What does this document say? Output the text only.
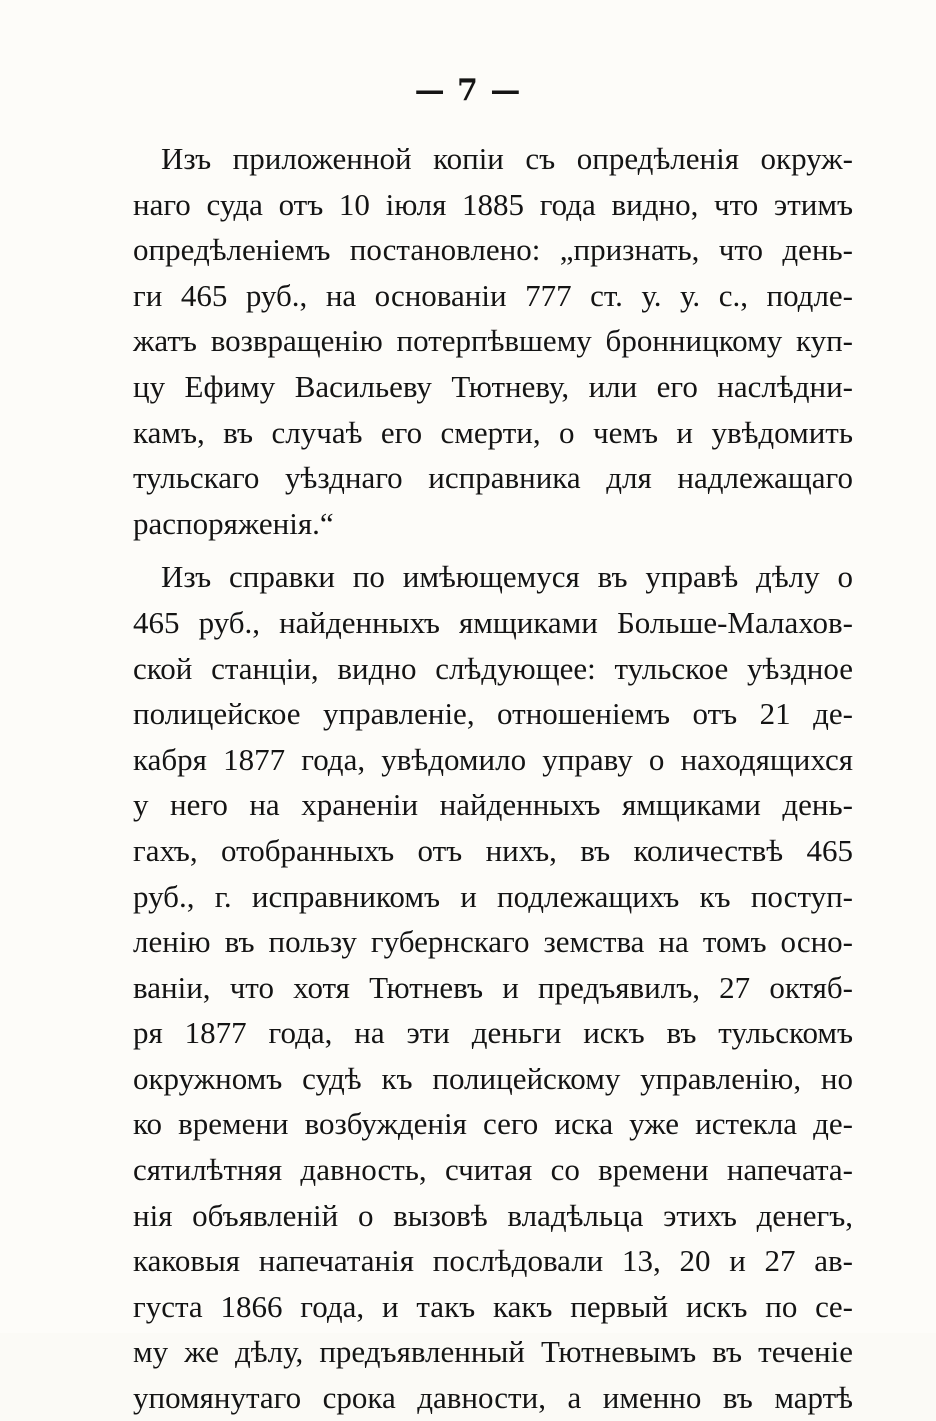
— 7 —
Изъ приложенной копіи съ опредѣленія окруж-
наго суда отъ 10 іюля 1885 года видно, что этимъ
опредѣленіемъ постановлено: „признать, что день-
ги 465 руб., на основаніи 777 ст. у. у. с., подле-
жатъ возвращенію потерпѣвшему бронницкому куп-
цу Ефиму Васильеву Тютневу, или его наслѣдни-
камъ, въ случаѣ его смерти, о чемъ и увѣдомить
тульскаго уѣзднаго исправника для надлежащаго
распоряженія.“
Изъ справки по имѣющемуся въ управѣ дѣлу о
465 руб., найденныхъ ямщиками Больше-Малахов-
ской станціи, видно слѣдующее: тульское уѣздное
полицейское управленіе, отношеніемъ отъ 21 де-
кабря 1877 года, увѣдомило управу о находящихся
у него на храненіи найденныхъ ямщиками день-
гахъ, отобранныхъ отъ нихъ, въ количествѣ 465
руб., г. исправникомъ и подлежащихъ къ поступ-
ленію въ пользу губернскаго земства на томъ осно-
ваніи, что хотя Тютневъ и предъявилъ, 27 октяб-
ря 1877 года, на эти деньги искъ въ тульскомъ
окружномъ судѣ къ полицейскому управленію, но
ко времени возбужденія сего иска уже истекла де-
сятилѣтняя давность, считая со времени напечата-
нія объявленій о вызовѣ владѣльца этихъ денегъ,
каковыя напечатанія послѣдовали 13, 20 и 27 ав-
густа 1866 года, и такъ какъ первый искъ по сe-
му же дѣлу, предъявленный Тютневымъ въ теченіе
упомянутаго срока давности, а именно въ мартѣ
